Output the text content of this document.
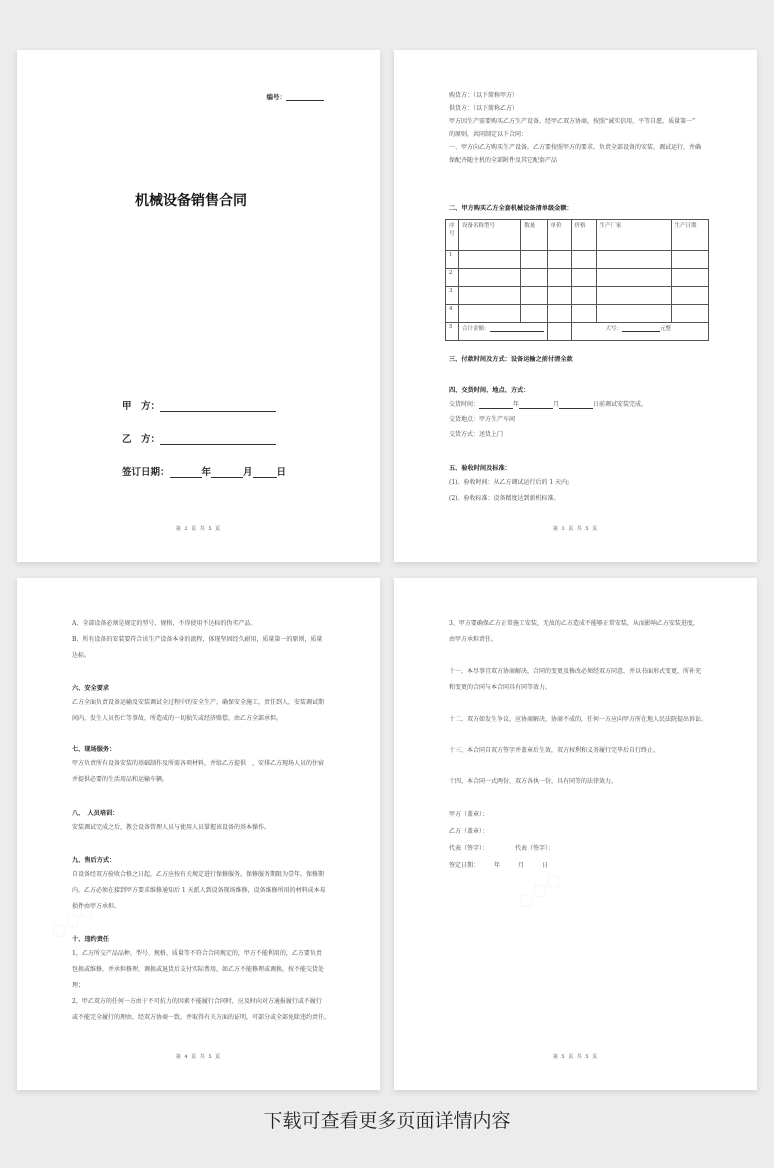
编号：
机械设备销售合同
甲　方：
乙　方：
签订日期：	年	月	日
第 2 页 共 5 页
购货方：（以下简称甲方）
供货方：（以下简称乙方）
甲方因生产需要购买乙方生产设备，经甲乙双方协商，按照“诚实信用，平等自愿，质量第一”
的原则，共同制定以下合同：
一、甲方向乙方购买生产设备，乙方要按照甲方的要求，负责全部设备的安装、调试运行，并确
保配齐随主机的全部附件及其它配套产品
二、甲方购买乙方全套机械设备清单级金额：
序号	设备名称型号	数量	单价	价格	生产厂家	生产日期
1						
2						
3						
4						
5	合计金额：			大写： 元整		
三、付款时间及方式：设备运输之前付清全款
四、交货时间、地点、方式：
交货时间：	年	月	日前调试安装完成。
交货地点：甲方生产车间
交货方式：送货上门
五、验收时间及标准：
(1)、验收时间：从乙方调试运行后的 1 天内;
(2)、验收标准：设备精度达到新机标准。
第 3 页 共 5 页
A、全部设备必须是规定的型号、规格，不得使用不达标的伪劣产品。
B、所有设备的安装要符合该生产设备本身的流程，体现坚固经久耐用，质量第一的原则，质量
达标。
六、安全要求
乙方全面负责设备运输及安装调试全过程中的安全生产，确保安全施工，责任到人，安装调试期
间内，发生人员伤亡等事故，所造成的一切损失或经济赔偿，由乙方全部承担。
七、现场服务：
甲方负责所有设备安装的基础制作及所需各项材料，并给乙方提供　，安排乙方现场人员的住宿
并提供必要的生活用品和运输车辆。
八、　人员培训：
安装调试完成之后，教会设备管理人员与使用人员掌握该设备的基本操作。
九、售后方式：
自设备经双方验收合格之日起，乙方应按有关规定进行保修服务，保修服务期限为壹年。保修期
内，乙方必须在接到甲方要求维修通知后 1 天派人到设备现场维修，设备维修所用的材料成本易
损件由甲方承担。
十、违约责任
1，乙方所交产品品种、型号、规格、质量等不符合合同规定的，甲方不能利用的，乙方要负责
包换或维修，并承担修理、调换或退货后支付实际费用，如乙方不能修理或调换，按不能交货处
理；
2，甲乙双方的任何一方由于不可抗力的因素不能履行合同时，应及时向对方通报履行或不履行
或不能完全履行的理由，经双方协商一致，并取得有关方面的证明，可部分或全部免除违约责任。
第 4 页 共 5 页
3、甲方要确保乙方正常施工安装，无故的乙方造成不能够正常安装，从而影响乙方安装进度，
由甲方承担责任。
十一、本尽事宜双方协商解决，合同的变更及修改必须经双方同意，并以书面形式变更，所补充
和变更的合同与本合同具有同等效力。
十二、双方如发生争议，应协商解决，协商不成的，任何一方应向甲方所在地人民法院提出诉讼。
十三、本合同自双方签字并盖章后生效，双方权利和义务履行完毕后自行终止。
十四、本合同一式两份，双方各执一份，具有同等的法律效力。
甲方（盖章）：
乙方（盖章）：
代表（签字）：　　　　　代表（签字）：
签定日期：　　　年　　　月　　　日
第 5 页 共 5 页
下载可查看更多页面详情内容
